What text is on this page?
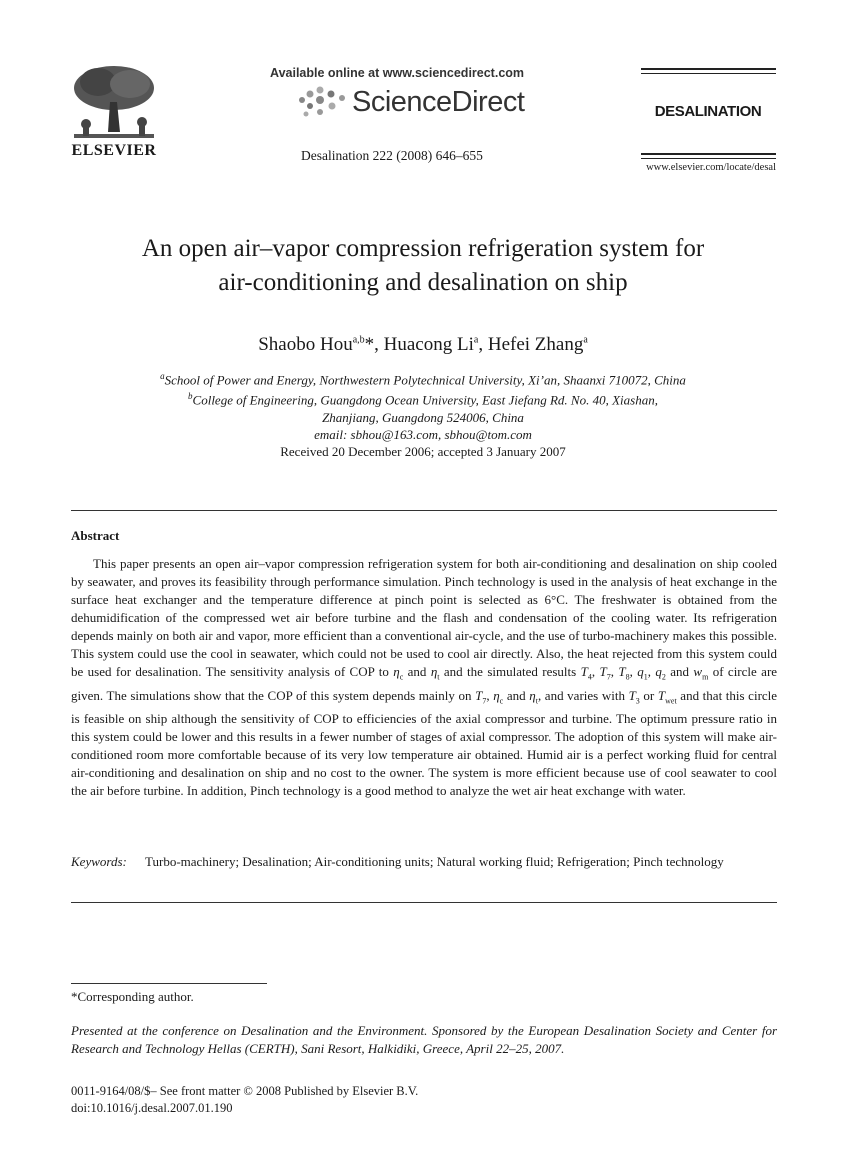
ELSEVIER
Available online at www.sciencedirect.com
ScienceDirect
Desalination 222 (2008) 646–655
DESALINATION
www.elsevier.com/locate/desal
An open air–vapor compression refrigeration system for
air-conditioning and desalination on ship
Shaobo Hou$^{a,b}$*, Huacong Li$^a$, Hefei Zhang$^a$
$^a$School of Power and Energy, Northwestern Polytechnical University, Xi’an, Shaanxi 710072, China
$^b$College of Engineering, Guangdong Ocean University, East Jiefang Rd. No. 40, Xiashan,
Zhanjiang, Guangdong 524006, China
email: sbhou@163.com, sbhou@tom.com
Received 20 December 2006; accepted 3 January 2007
Abstract
This paper presents an open air–vapor compression refrigeration system for both air-conditioning and desalination on ship cooled by seawater, and proves its feasibility through performance simulation. Pinch technology is used in the analysis of heat exchange in the surface heat exchanger and the temperature difference at pinch point is selected as 6°C. The freshwater is obtained from the dehumidification of the compressed wet air before turbine and the flash and condensation of the cooling water. Its refrigeration depends mainly on both air and vapor, more efficient than a conventional air-cycle, and the use of turbo-machinery makes this possible. This system could use the cool in seawater, which could not be used to cool air directly. Also, the heat rejected from this system could be used for desalination. The sensitivity analysis of COP to $\eta_c$ and $\eta_t$ and the simulated results $T_4$, $T_7$, $T_8$, $q_1$, $q_2$ and $w_m$ of circle are given. The simulations show that the COP of this system depends mainly on $T_7$, $\eta_c$ and $\eta_t$, and varies with $T_3$ or $T_{wet}$ and that this circle is feasible on ship although the sensitivity of COP to efficiencies of the axial compressor and turbine. The optimum pressure ratio in this system could be lower and this results in a fewer number of stages of axial compressor. The adoption of this system will make air-conditioned room more comfortable because of its very low temperature air obtained. Humid air is a perfect working fluid for central air-conditioning and desalination on ship and no cost to the owner. The system is more efficient because use of cool seawater to cool the air before turbine. In addition, Pinch technology is a good method to analyze the wet air heat exchange with water.
Keywords: Turbo-machinery; Desalination; Air-conditioning units; Natural working fluid; Refrigeration; Pinch technology
*Corresponding author.
Presented at the conference on Desalination and the Environment. Sponsored by the European Desalination Society and Center for Research and Technology Hellas (CERTH), Sani Resort, Halkidiki, Greece, April 22–25, 2007.
0011-9164/08/$– See front matter © 2008 Published by Elsevier B.V.
doi:10.1016/j.desal.2007.01.190
